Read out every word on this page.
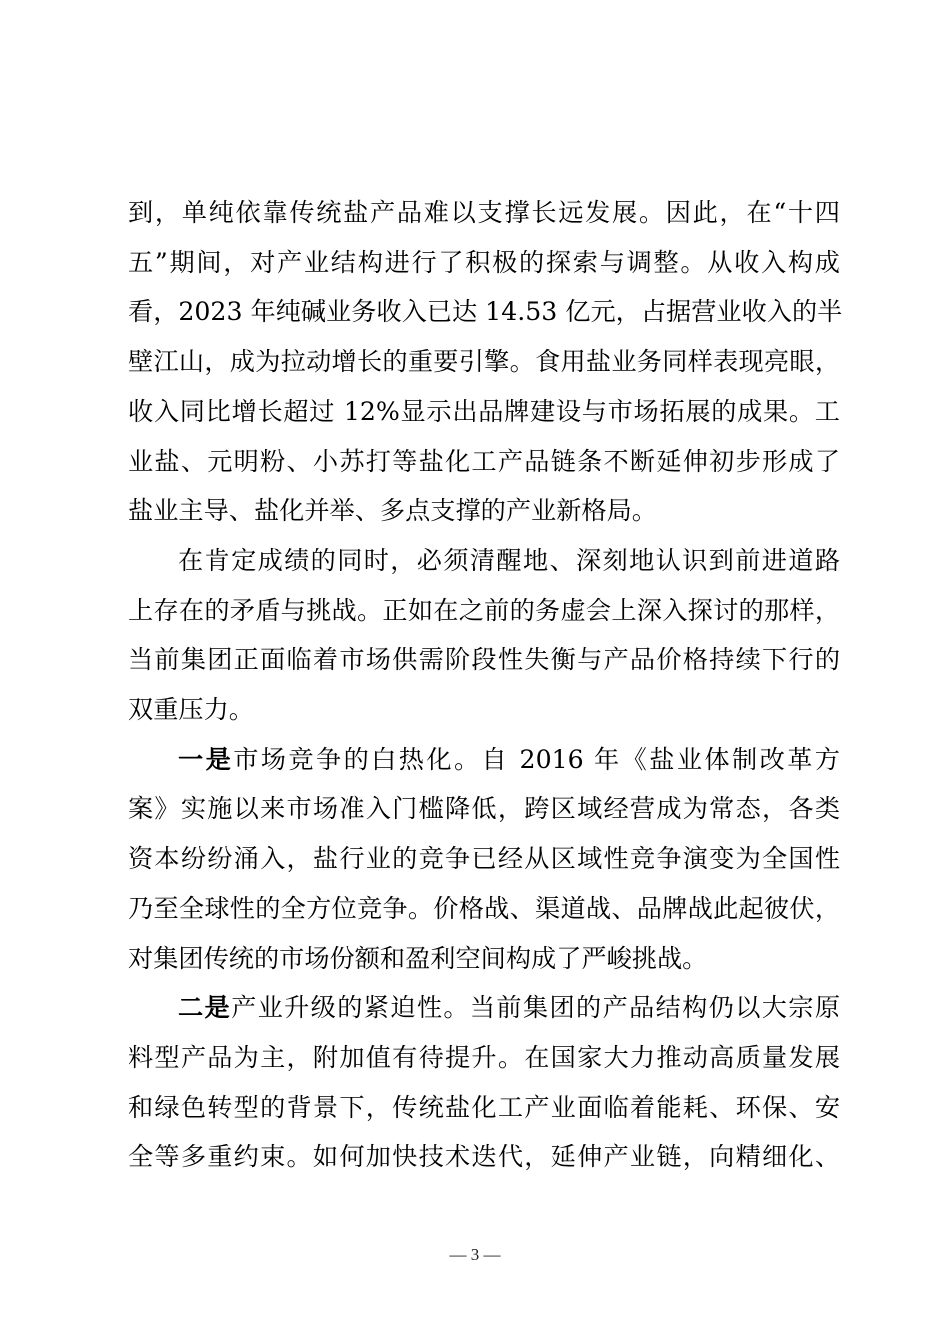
到，单纯依靠传统盐产品难以支撑长远发展。因此，在“十四
五”期间，对产业结构进行了积极的探索与调整。从收入构成
看，2023 年纯碱业务收入已达 14.53 亿元，占据营业收入的半
壁江山，成为拉动增长的重要引擎。食用盐业务同样表现亮眼，
收入同比增长超过 12%显示出品牌建设与市场拓展的成果。工
业盐、元明粉、小苏打等盐化工产品链条不断延伸初步形成了
盐业主导、盐化并举、多点支撑的产业新格局。
在肯定成绩的同时，必须清醒地、深刻地认识到前进道路
上存在的矛盾与挑战。正如在之前的务虚会上深入探讨的那样，
当前集团正面临着市场供需阶段性失衡与产品价格持续下行的
双重压力。
一是市场竞争的白热化。自 2016 年《盐业体制改革方
案》实施以来市场准入门槛降低，跨区域经营成为常态，各类
资本纷纷涌入，盐行业的竞争已经从区域性竞争演变为全国性
乃至全球性的全方位竞争。价格战、渠道战、品牌战此起彼伏，
对集团传统的市场份额和盈利空间构成了严峻挑战。
二是产业升级的紧迫性。当前集团的产品结构仍以大宗原
料型产品为主，附加值有待提升。在国家大力推动高质量发展
和绿色转型的背景下，传统盐化工产业面临着能耗、环保、安
全等多重约束。如何加快技术迭代，延伸产业链，向精细化、
— 3 —
